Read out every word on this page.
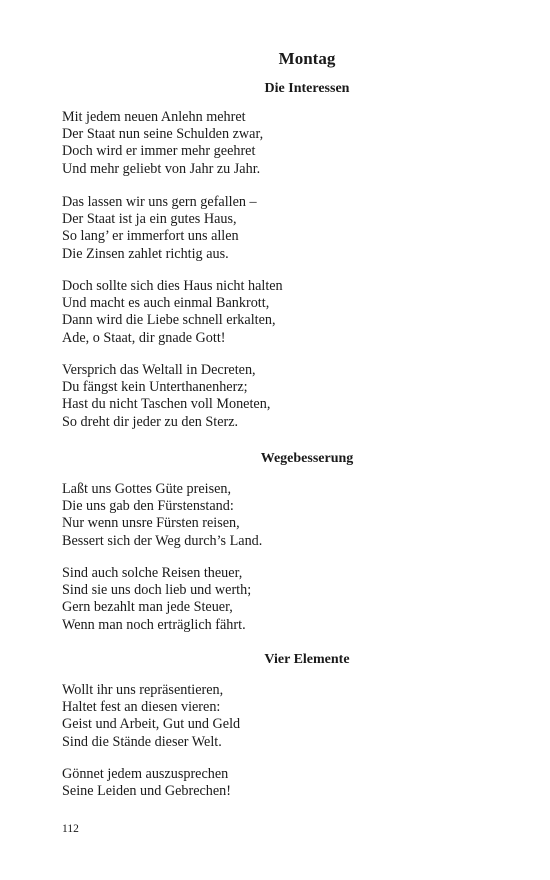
Montag
Die Interessen
Mit jedem neuen Anlehn mehret
Der Staat nun seine Schulden zwar,
Doch wird er immer mehr geehret
Und mehr geliebt von Jahr zu Jahr.
Das lassen wir uns gern gefallen –
Der Staat ist ja ein gutes Haus,
So lang’ er immerfort uns allen
Die Zinsen zahlet richtig aus.
Doch sollte sich dies Haus nicht halten
Und macht es auch einmal Bankrott,
Dann wird die Liebe schnell erkalten,
Ade, o Staat, dir gnade Gott!
Versprich das Weltall in Decreten,
Du fängst kein Unterthanenherz;
Hast du nicht Taschen voll Moneten,
So dreht dir jeder zu den Sterz.
Wegebesserung
Laßt uns Gottes Güte preisen,
Die uns gab den Fürstenstand:
Nur wenn unsre Fürsten reisen,
Bessert sich der Weg durch’s Land.
Sind auch solche Reisen theuer,
Sind sie uns doch lieb und werth;
Gern bezahlt man jede Steuer,
Wenn man noch erträglich fährt.
Vier Elemente
Wollt ihr uns repräsentieren,
Haltet fest an diesen vieren:
Geist und Arbeit, Gut und Geld
Sind die Stände dieser Welt.
Gönnet jedem auszusprechen
Seine Leiden und Gebrechen!
112
